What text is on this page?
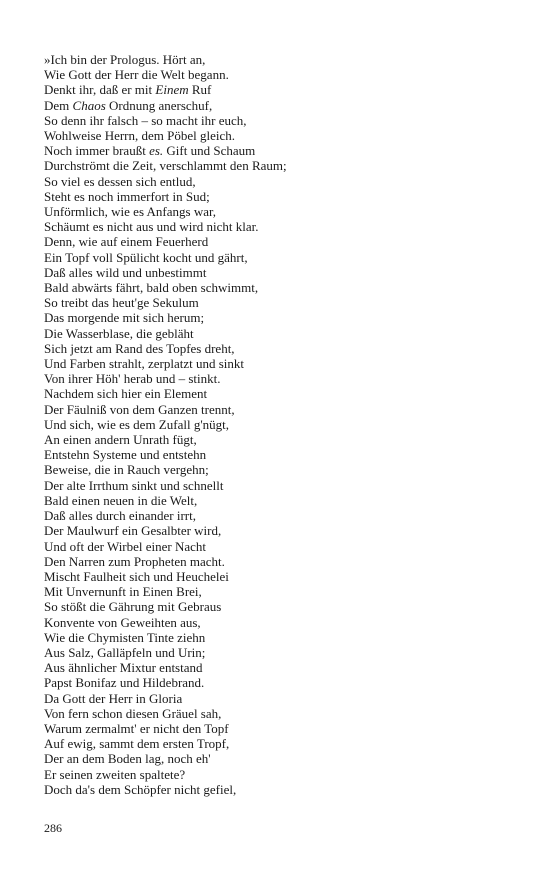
»Ich bin der Prologus. Hört an,
Wie Gott der Herr die Welt begann.
Denkt ihr, daß er mit Einem Ruf
Dem Chaos Ordnung anerschuf,
So denn ihr falsch – so macht ihr euch,
Wohlweise Herrn, dem Pöbel gleich.
Noch immer braußt es. Gift und Schaum
Durchströmt die Zeit, verschlammt den Raum;
So viel es dessen sich entlud,
Steht es noch immerfort in Sud;
Unförmlich, wie es Anfangs war,
Schäumt es nicht aus und wird nicht klar.
Denn, wie auf einem Feuerherd
Ein Topf voll Spülicht kocht und gährt,
Daß alles wild und unbestimmt
Bald abwärts fährt, bald oben schwimmt,
So treibt das heut'ge Sekulum
Das morgende mit sich herum;
Die Wasserblase, die gebläht
Sich jetzt am Rand des Topfes dreht,
Und Farben strahlt, zerplatzt und sinkt
Von ihrer Höh' herab und – stinkt.
Nachdem sich hier ein Element
Der Fäulniß von dem Ganzen trennt,
Und sich, wie es dem Zufall g'nügt,
An einen andern Unrath fügt,
Entstehn Systeme und entstehn
Beweise, die in Rauch vergehn;
Der alte Irrthum sinkt und schnellt
Bald einen neuen in die Welt,
Daß alles durch einander irrt,
Der Maulwurf ein Gesalbter wird,
Und oft der Wirbel einer Nacht
Den Narren zum Propheten macht.
Mischt Faulheit sich und Heuchelei
Mit Unvernunft in Einen Brei,
So stößt die Gährung mit Gebraus
Konvente von Geweihten aus,
Wie die Chymisten Tinte ziehn
Aus Salz, Galläpfeln und Urin;
Aus ähnlicher Mixtur entstand
Papst Bonifaz und Hildebrand.
Da Gott der Herr in Gloria
Von fern schon diesen Gräuel sah,
Warum zermalmt' er nicht den Topf
Auf ewig, sammt dem ersten Tropf,
Der an dem Boden lag, noch eh'
Er seinen zweiten spaltete?
Doch da's dem Schöpfer nicht gefiel,
286
